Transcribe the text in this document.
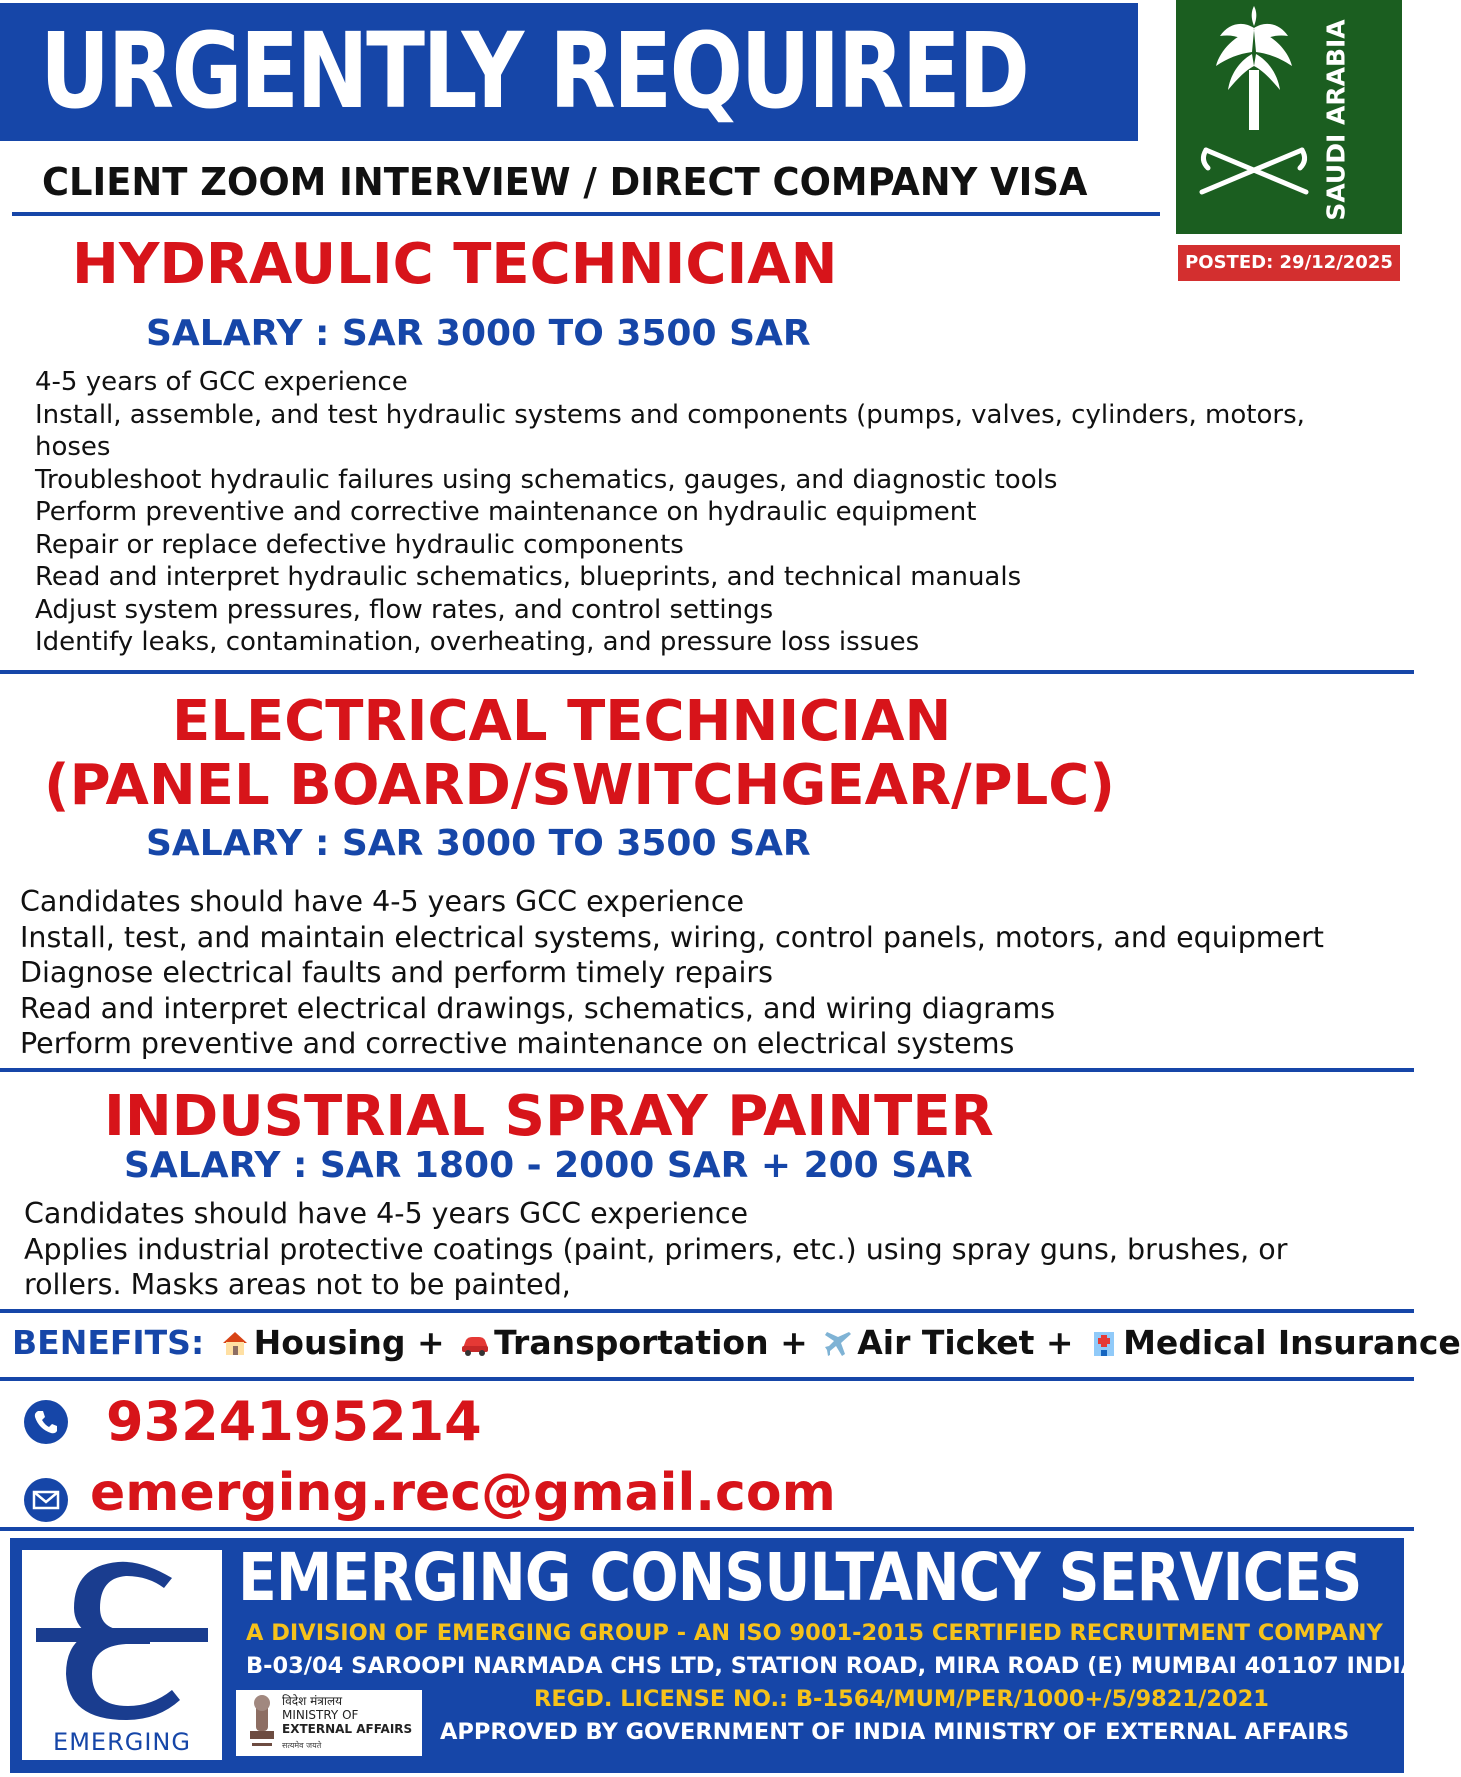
URGENTLY REQUIRED
CLIENT ZOOM INTERVIEW / DIRECT COMPANY VISA	SAUDI ARABIA
POSTED: 29/12/2025
HYDRAULIC TECHNICIAN
SALARY : SAR 3000 TO 3500 SAR
4-5 years of GCC experience
Install, assemble, and test hydraulic systems and components (pumps, valves, cylinders, motors,
hoses
Troubleshoot hydraulic failures using schematics, gauges, and diagnostic tools
Perform preventive and corrective maintenance on hydraulic equipment
Repair or replace defective hydraulic components
Read and interpret hydraulic schematics, blueprints, and technical manuals
Adjust system pressures, flow rates, and control settings
Identify leaks, contamination, overheating, and pressure loss issues
ELECTRICAL TECHNICIAN
(PANEL BOARD/SWITCHGEAR/PLC)
SALARY : SAR 3000 TO 3500 SAR
Candidates should have 4-5 years GCC experience
Install, test, and maintain electrical systems, wiring, control panels, motors, and equipmert
Diagnose electrical faults and perform timely repairs
Read and interpret electrical drawings, schematics, and wiring diagrams
Perform preventive and corrective maintenance on electrical systems
INDUSTRIAL SPRAY PAINTER
SALARY : SAR 1800 - 2000 SAR + 200 SAR
Candidates should have 4-5 years GCC experience
Applies industrial protective coatings (paint, primers, etc.) using spray guns, brushes, or
rollers. Masks areas not to be painted,
BENEFITS: Housing + Transportation + Air Ticket + Medical Insurance
9324195214
emerging.rec@gmail.com
EMERGING
विदेश मंत्रालय
MINISTRY OF
EXTERNAL AFFAIRS
सत्यमेव जयते
EMERGING CONSULTANCY SERVICES
A DIVISION OF EMERGING GROUP - AN ISO 9001-2015 CERTIFIED RECRUITMENT COMPANY
B-03/04 SAROOPI NARMADA CHS LTD, STATION ROAD, MIRA ROAD (E) MUMBAI 401107 INDIA
REGD. LICENSE NO.: B-1564/MUM/PER/1000+/5/9821/2021
APPROVED BY GOVERNMENT OF INDIA MINISTRY OF EXTERNAL AFFAIRS
